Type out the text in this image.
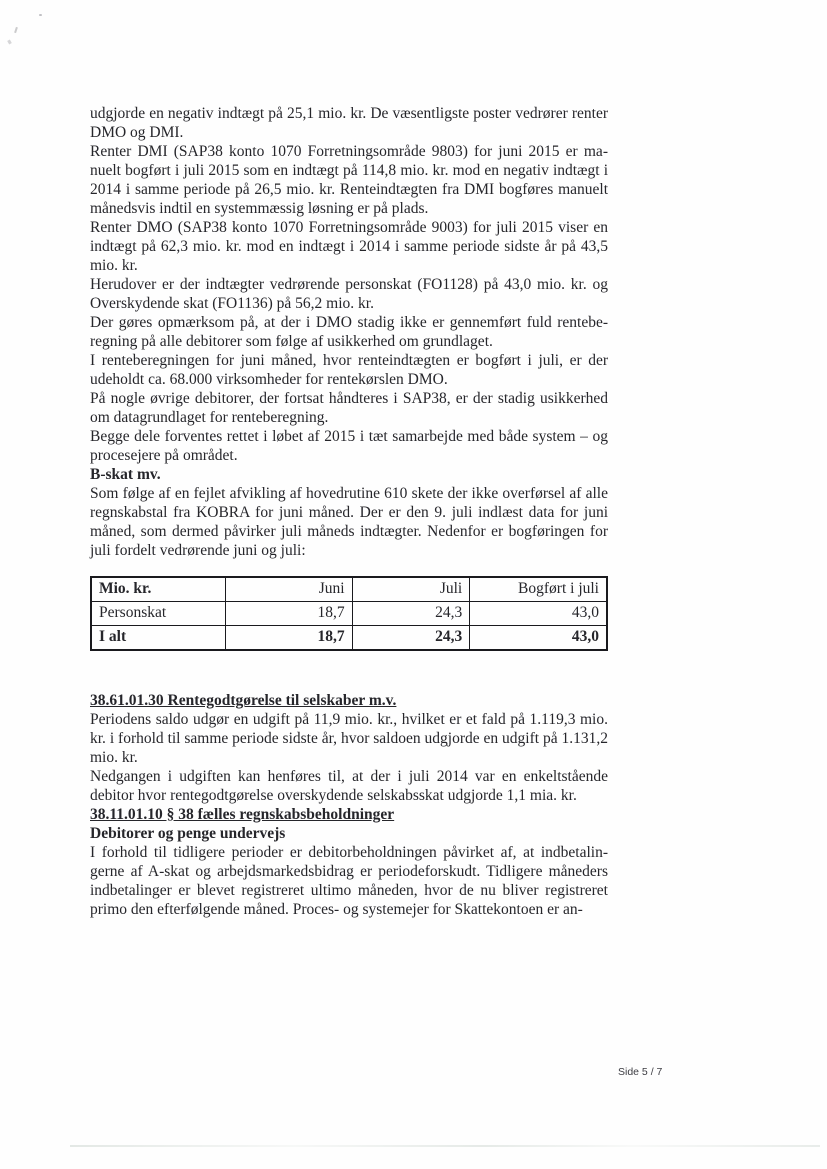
udgjorde en negativ indtægt på 25,1 mio. kr. De væsentligste poster vedrører renter DMO og DMI.

Renter DMI (SAP38 konto 1070 Forretningsområde 9803) for juni 2015 er manuelt bogført i juli 2015 som en indtægt på 114,8 mio. kr. mod en negativ indtægt i 2014 i samme periode på 26,5 mio. kr. Renteindtægten fra DMI bogføres manuelt månedsvis indtil en systemmæssig løsning er på plads.

Renter DMO (SAP38 konto 1070 Forretningsområde 9003) for juli 2015 viser en indtægt på 62,3 mio. kr. mod en indtægt i 2014 i samme periode sidste år på 43,5 mio. kr.

Herudover er der indtægter vedrørende personskat (FO1128) på 43,0 mio. kr. og Overskydende skat (FO1136) på 56,2 mio. kr.

Der gøres opmærksom på, at der i DMO stadig ikke er gennemført fuld renteberegning på alle debitorer som følge af usikkerhed om grundlaget.

I renteberegningen for juni måned, hvor renteindtægten er bogført i juli, er der udeholdt ca. 68.000 virksomheder for rentekørslen DMO.

På nogle øvrige debitorer, der fortsat håndteres i SAP38, er der stadig usikkerhed om datagrundlaget for renteberegning.

Begge dele forventes rettet i løbet af 2015 i tæt samarbejde med både system – og procesejere på området.

B-skat mv.

Som følge af en fejlet afvikling af hovedrutine 610 skete der ikke overførsel af alle regnskabstal fra KOBRA for juni måned. Der er den 9. juli indlæst data for juni måned, som dermed påvirker juli måneds indtægter. Nedenfor er bogføringen for juli fordelt vedrørende juni og juli:

Mio. kr.	Juni	Juli	Bogført i juli
Personskat	18,7	24,3	43,0
I alt	18,7	24,3	43,0
38.61.01.30 Rentegodtgørelse til selskaber m.v.

Periodens saldo udgør en udgift på 11,9 mio. kr., hvilket er et fald på 1.119,3 mio. kr. i forhold til samme periode sidste år, hvor saldoen udgjorde en udgift på 1.131,2 mio. kr.

Nedgangen i udgiften kan henføres til, at der i juli 2014 var en enkeltstående debitor hvor rentegodtgørelse overskydende selskabsskat udgjorde 1,1 mia. kr.

38.11.01.10 § 38 fælles regnskabsbeholdninger
Debitorer og penge undervejs

I forhold til tidligere perioder er debitorbeholdningen påvirket af, at indbetalingerne af A-skat og arbejdsmarkedsbidrag er periodeforskudt. Tidligere måneders indbetalinger er blevet registreret ultimo måneden, hvor de nu bliver registreret primo den efterfølgende måned. Proces- og systemejer for Skattekontoen er an-

Side 5 / 7
